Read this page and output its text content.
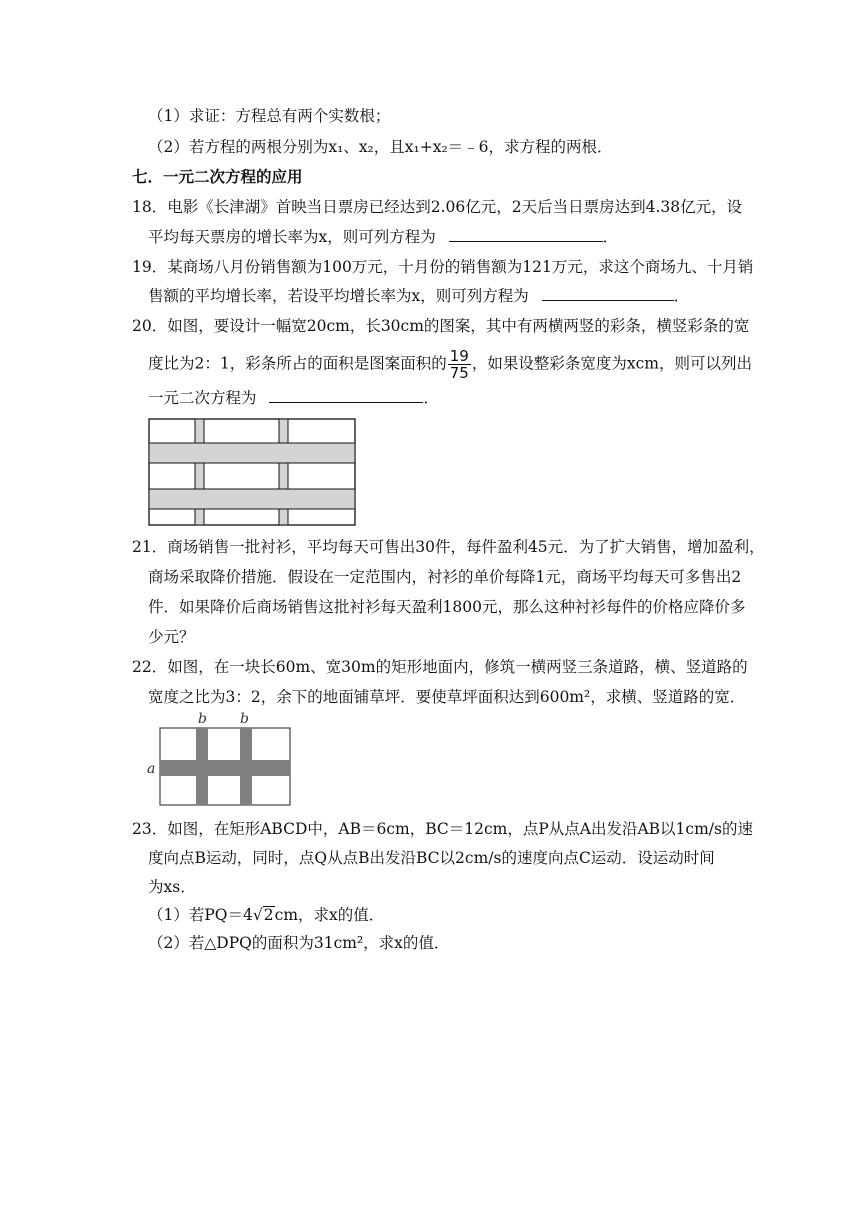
（1）求证：方程总有两个实数根；
（2）若方程的两根分别为x₁、x₂，且x₁+x₂＝﹣6，求方程的两根．
七．一元二次方程的应用
18．电影《长津湖》首映当日票房已经达到2.06亿元，2天后当日票房达到4.38亿元，设
平均每天票房的增长率为x，则可列方程为	．
19．某商场八月份销售额为100万元，十月份的销售额为121万元，求这个商场九、十月销
售额的平均增长率，若设平均增长率为x，则可列方程为	．
20．如图，要设计一幅宽20cm，长30cm的图案，其中有两横两竖的彩条，横竖彩条的宽
度比为2：1，彩条所占的面积是图案面积的 $\frac{19}{75}$ ，如果设整彩条宽度为xcm，则可以列出
一元二次方程为	．
21．商场销售一批衬衫，平均每天可售出30件，每件盈利45元．为了扩大销售，增加盈利，
商场采取降价措施．假设在一定范围内，衬衫的单价每降1元，商场平均每天可多售出2
件．如果降价后商场销售这批衬衫每天盈利1800元，那么这种衬衫每件的价格应降价多
少元？
22．如图，在一块长60m、宽30m的矩形地面内，修筑一横两竖三条道路，横、竖道路的
宽度之比为3：2，余下的地面铺草坪．要使草坪面积达到600m²，求横、竖道路的宽．
b b
a
23．如图，在矩形ABCD中，AB＝6cm，BC＝12cm，点P从点A出发沿AB以1cm/s的速
度向点B运动，同时，点Q从点B出发沿BC以2cm/s的速度向点C运动．设运动时间
为xs．
（1）若PQ＝4√2cm，求x的值．
（2）若△DPQ的面积为31cm²，求x的值．
